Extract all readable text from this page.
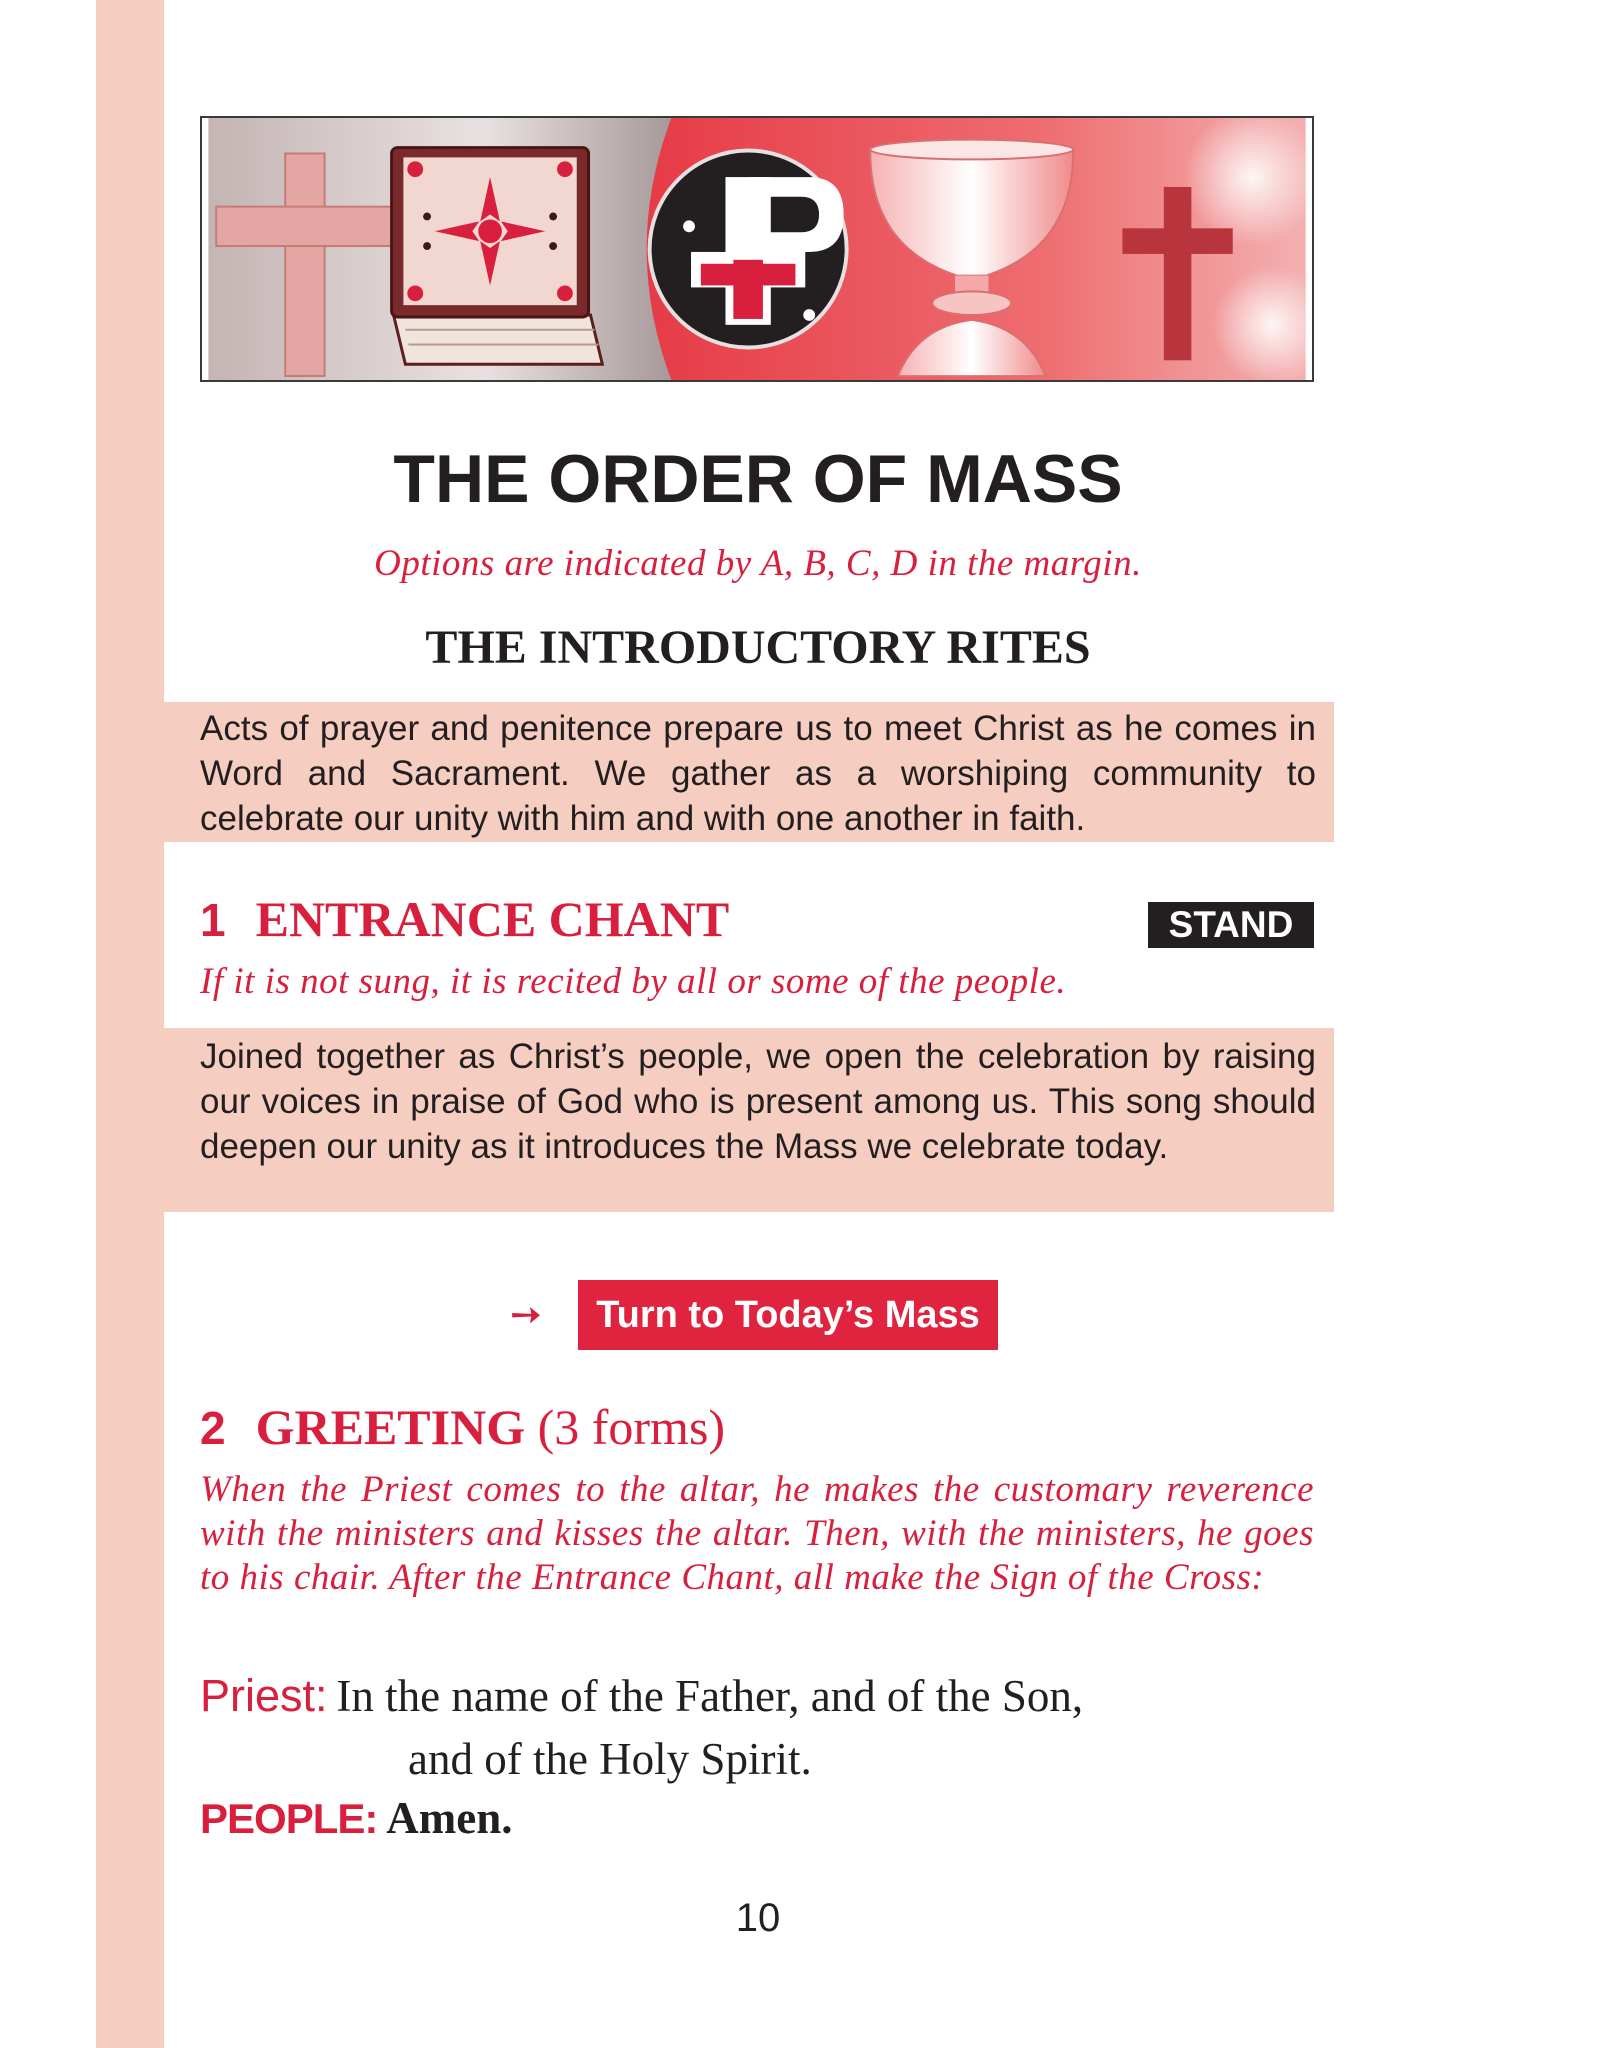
THE ORDER OF MASS

Options are indicated by A, B, C, D in the margin.

THE INTRODUCTORY RITES

Acts of prayer and penitence prepare us to meet Christ as he comes in Word and Sacrament. We gather as a worshiping community to celebrate our unity with him and with one another in faith.

1 ENTRANCE CHANT	STAND

If it is not sung, it is recited by all or some of the people.

Joined together as Christ’s people, we open the celebration by raising our voices in praise of God who is present among us. This song should deepen our unity as it introduces the Mass we celebrate today.

➙	Turn to Today’s Mass
2 GREETING (3 forms)

When the Priest comes to the altar, he makes the customary reverence with the ministers and kisses the altar. Then, with the ministers, he goes to his chair. After the Entrance Chant, all make the Sign of the Cross:

Priest: In the name of the Father, and of the Son,
and of the Holy Spirit.

PEOPLE: Amen.

10
